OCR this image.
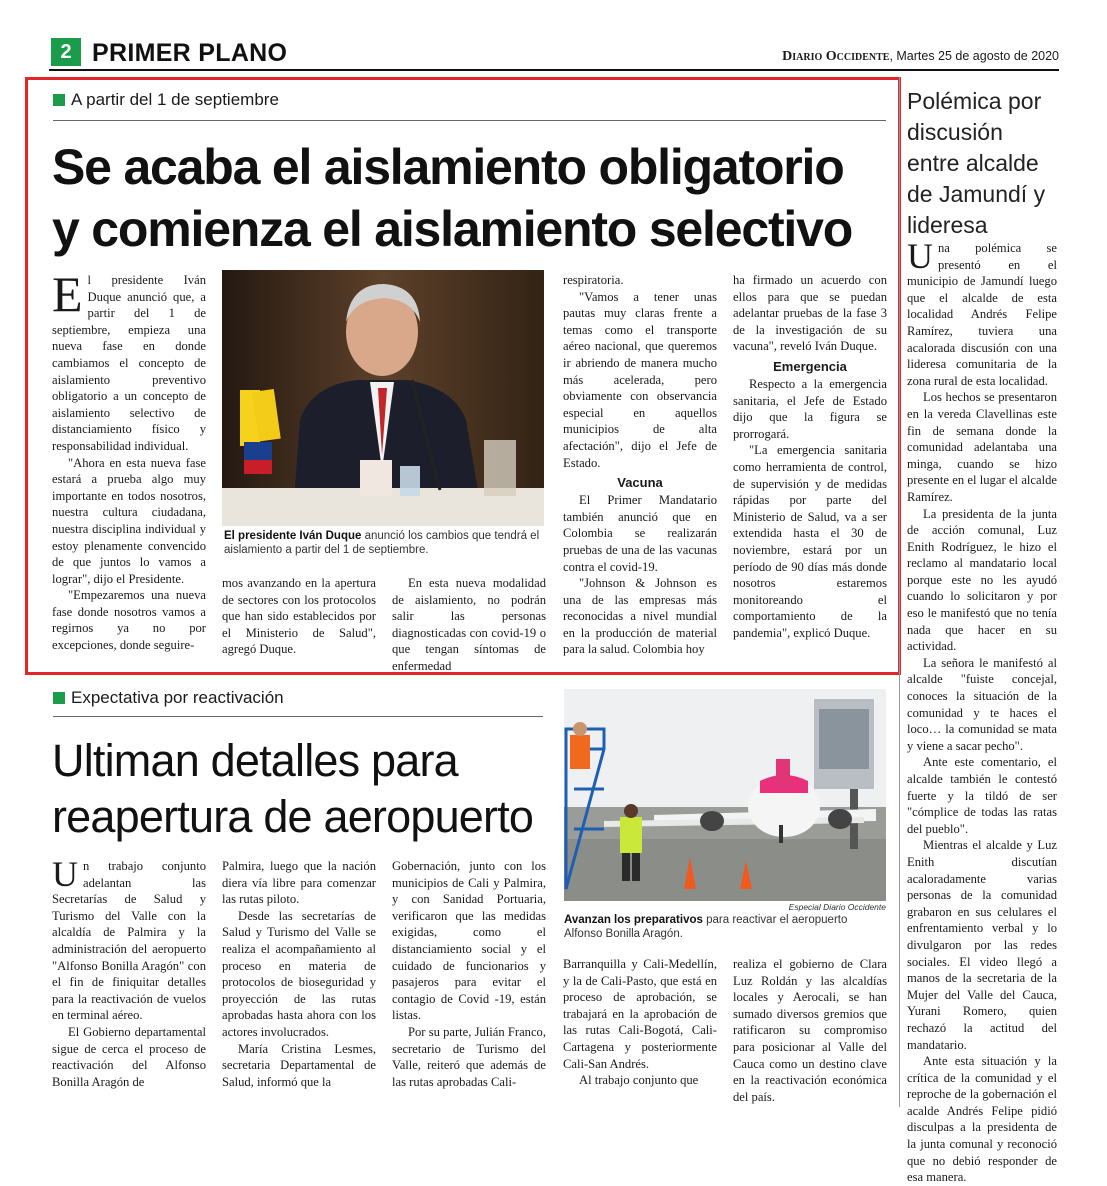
2 PRIMER PLANO	Diario Occidente, Martes 25 de agosto de 2020
A partir del 1 de septiembre
Se acaba el aislamiento obligatorio
y comienza el aislamiento selectivo
El presidente Iván Duque anunció los cambios que tendrá el aislamiento a partir del 1 de septiembre.

El presidente Iván Duque anunció que, a partir del 1 de septiembre, empieza una nueva fase en donde cambiamos el concepto de aislamiento preventivo obligatorio a un concepto de aislamiento selectivo de distanciamiento físico y responsabilidad individual.

"Ahora en esta nueva fase estará a prueba algo muy importante en todos nosotros, nuestra cultura ciudadana, nuestra disciplina individual y estoy plenamente convencido de que juntos lo vamos a lograr", dijo el Presidente.

"Empezaremos una nueva fase donde nosotros vamos a regirnos ya no por excepciones, donde seguire-

mos avanzando en la apertura de sectores con los protocolos que han sido establecidos por el Ministerio de Salud", agregó Duque.

En esta nueva modalidad de aislamiento, no podrán salir las personas diagnosticadas con covid-19 o que tengan síntomas de enfermedad

respiratoria.

"Vamos a tener unas pautas muy claras frente a temas como el transporte aéreo nacional, que queremos ir abriendo de manera mucho más acelerada, pero obviamente con observancia especial en aquellos municipios de alta afectación", dijo el Jefe de Estado.

Vacuna

El Primer Mandatario también anunció que en Colombia se realizarán pruebas de una de las vacunas contra el covid-19.

"Johnson & Johnson es una de las empresas más reconocidas a nivel mundial en la producción de material para la salud. Colombia hoy

ha firmado un acuerdo con ellos para que se puedan adelantar pruebas de la fase 3 de la investigación de su vacuna", reveló Iván Duque.

Emergencia

Respecto a la emergencia sanitaria, el Jefe de Estado dijo que la figura se prorrogará.

"La emergencia sanitaria como herramienta de control, de supervisión y de medidas rápidas por parte del Ministerio de Salud, va a ser extendida hasta el 30 de noviembre, estará por un período de 90 días más donde nosotros estaremos monitoreando el comportamiento de la pandemia", explicó Duque.

Polémica por discusión entre alcalde de Jamundí y lideresa

Una polémica se presentó en el municipio de Jamundí luego que el alcalde de esta localidad Andrés Felipe Ramírez, tuviera una acalorada discusión con una lideresa comunitaria de la zona rural de esta localidad.

Los hechos se presentaron en la vereda Clavellinas este fin de semana donde la comunidad adelantaba una minga, cuando se hizo presente en el lugar el alcalde Ramírez.

La presidenta de la junta de acción comunal, Luz Enith Rodríguez, le hizo el reclamo al mandatario local porque este no les ayudó cuando lo solicitaron y por eso le manifestó que no tenía nada que hacer en su actividad.

La señora le manifestó al alcalde "fuiste concejal, conoces la situación de la comunidad y te haces el loco… la comunidad se mata y viene a sacar pecho".

Ante este comentario, el alcalde también le contestó fuerte y la tildó de ser "cómplice de todas las ratas del pueblo".

Mientras el alcalde y Luz Enith discutían acaloradamente varias personas de la comunidad grabaron en sus celulares el enfrentamiento verbal y lo divulgaron por las redes sociales. El video llegó a manos de la secretaria de la Mujer del Valle del Cauca, Yurani Romero, quien rechazó la actitud del mandatario.

Ante esta situación y la crítica de la comunidad y el reproche de la gobernación el acalde Andrés Felipe pidió disculpas a la presidenta de la junta comunal y reconoció que no debió responder de esa manera.

Expectativa por reactivación
Ultiman detalles para
reapertura de aeropuerto
Especial Diario Occidente
Avanzan los preparativos para reactivar el aeropuerto Alfonso Bonilla Aragón.

Un trabajo conjunto adelantan las Secretarías de Salud y Turismo del Valle con la alcaldía de Palmira y la administración del aeropuerto "Alfonso Bonilla Aragón" con el fin de finiquitar detalles para la reactivación de vuelos en terminal aéreo.

El Gobierno departamental sigue de cerca el proceso de reactivación del Alfonso Bonilla Aragón de

Palmira, luego que la nación diera vía libre para comenzar las rutas piloto.

Desde las secretarías de Salud y Turismo del Valle se realiza el acompañamiento al proceso en materia de protocolos de bioseguridad y proyección de las rutas aprobadas hasta ahora con los actores involucrados.

María Cristina Lesmes, secretaria Departamental de Salud, informó que la

Gobernación, junto con los municipios de Cali y Palmira, y con Sanidad Portuaria, verificaron que las medidas exigidas, como el distanciamiento social y el cuidado de funcionarios y pasajeros para evitar el contagio de Covid -19, están listas.

Por su parte, Julián Franco, secretario de Turismo del Valle, reiteró que además de las rutas aprobadas Cali-

Barranquilla y Cali-Medellín, y la de Cali-Pasto, que está en proceso de aprobación, se trabajará en la aprobación de las rutas Cali-Bogotá, Cali-Cartagena y posteriormente Cali-San Andrés.

Al trabajo conjunto que

realiza el gobierno de Clara Luz Roldán y las alcaldías locales y Aerocali, se han sumado diversos gremios que ratificaron su compromiso para posicionar al Valle del Cauca como un destino clave en la reactivación económica del país.
